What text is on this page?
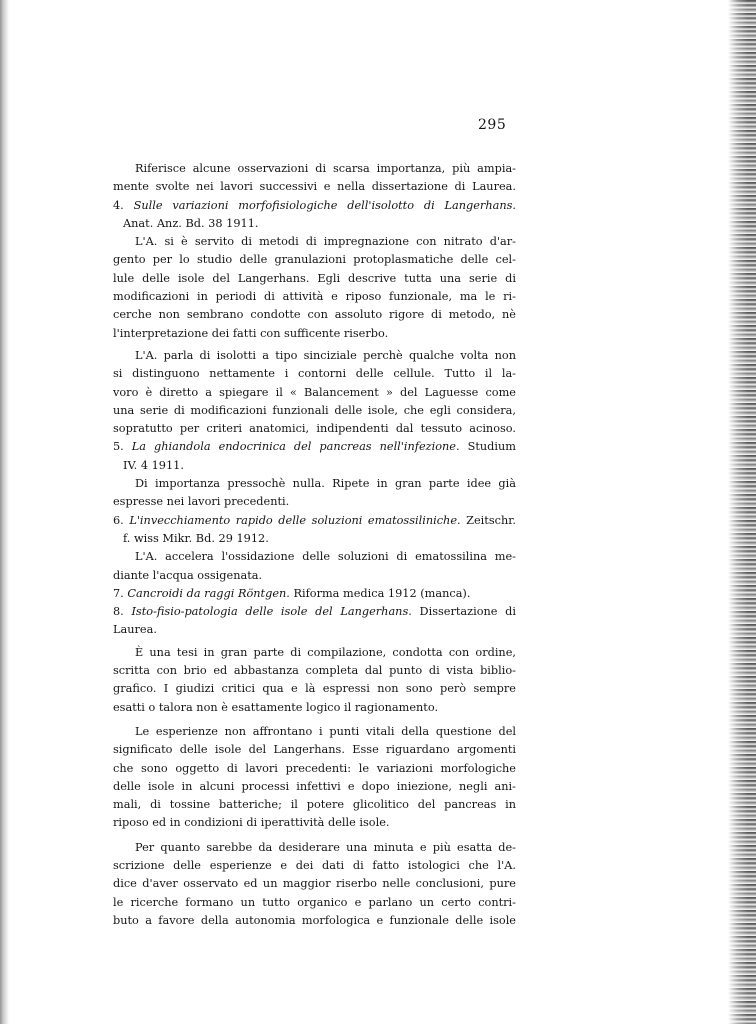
295
Riferisce alcune osservazioni di scarsa importanza, più ampia-
mente svolte nei lavori successivi e nella dissertazione di Laurea.
4. Sulle variazioni morfofisiologiche dell'isolotto di Langerhans.
Anat. Anz. Bd. 38 1911.
L'A. si è servito di metodi di impregnazione con nitrato d'ar-
gento per lo studio delle granulazioni protoplasmatiche delle cel-
lule delle isole del Langerhans. Egli descrive tutta una serie di
modificazioni in periodi di attività e riposo funzionale, ma le ri-
cerche non sembrano condotte con assoluto rigore di metodo, nè
l'interpretazione dei fatti con sufficente riserbo.
L'A. parla di isolotti a tipo sinciziale perchè qualche volta non
si distinguono nettamente i contorni delle cellule. Tutto il la-
voro è diretto a spiegare il « Balancement » del Laguesse come
una serie di modificazioni funzionali delle isole, che egli considera,
sopratutto per criteri anatomici, indipendenti dal tessuto acinoso.
5. La ghiandola endocrinica del pancreas nell'infezione. Studium
IV. 4 1911.
Di importanza pressochè nulla. Ripete in gran parte idee già
espresse nei lavori precedenti.
6. L'invecchiamento rapido delle soluzioni ematossiliniche. Zeitschr.
f. wiss Mikr. Bd. 29 1912.
L'A. accelera l'ossidazione delle soluzioni di ematossilina me-
diante l'acqua ossigenata.
7. Cancroidi da raggi Röntgen. Riforma medica 1912 (manca).
8. Isto-fisio-patologia delle isole del Langerhans. Dissertazione di
Laurea.
È una tesi in gran parte di compilazione, condotta con ordine,
scritta con brio ed abbastanza completa dal punto di vista biblio-
grafico. I giudizi critici qua e là espressi non sono però sempre
esatti o talora non è esattamente logico il ragionamento.
Le esperienze non affrontano i punti vitali della questione del
significato delle isole del Langerhans. Esse riguardano argomenti
che sono oggetto di lavori precedenti: le variazioni morfologiche
delle isole in alcuni processi infettivi e dopo iniezione, negli ani-
mali, di tossine batteriche; il potere glicolitico del pancreas in
riposo ed in condizioni di iperattività delle isole.
Per quanto sarebbe da desiderare una minuta e più esatta de-
scrizione delle esperienze e dei dati di fatto istologici che l'A.
dice d'aver osservato ed un maggior riserbo nelle conclusioni, pure
le ricerche formano un tutto organico e parlano un certo contri-
buto a favore della autonomia morfologica e funzionale delle isole
